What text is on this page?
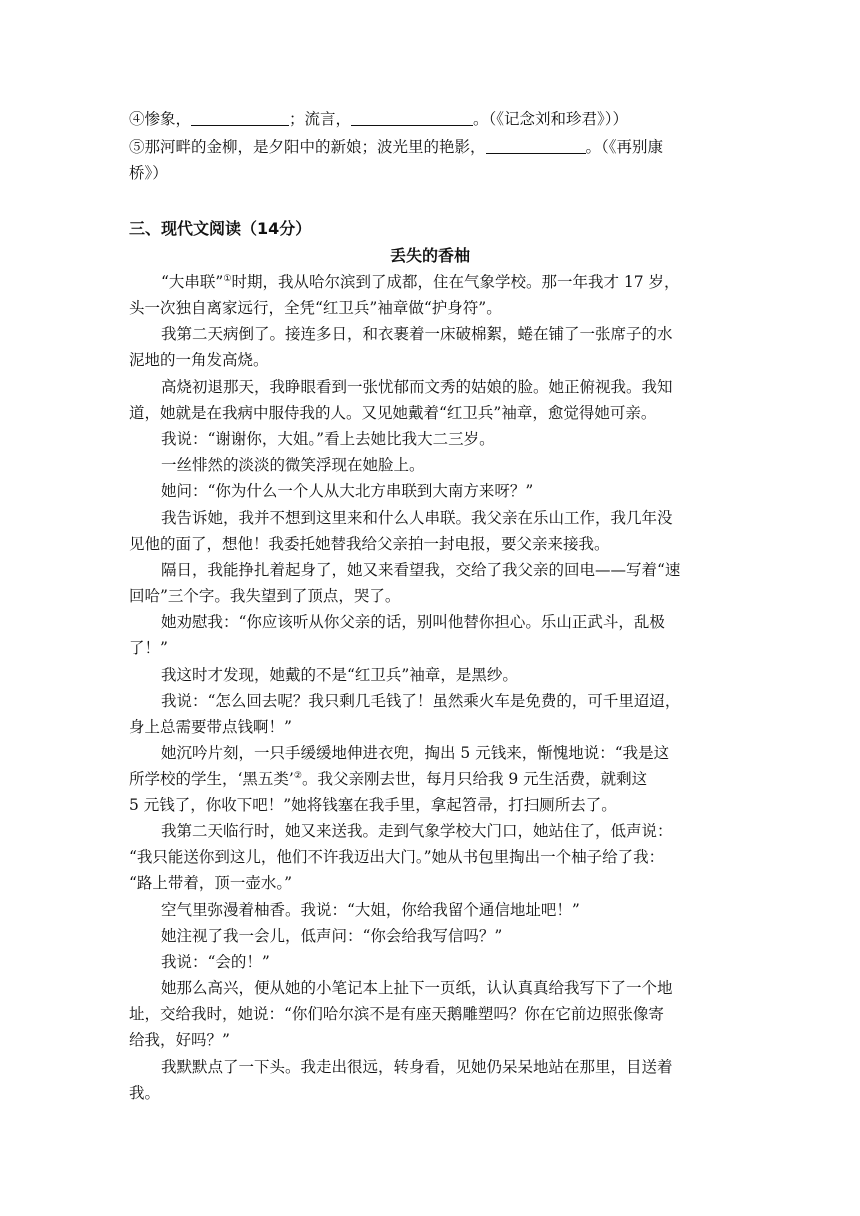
④惨象，	；流言，	。（《记念刘和珍君》））
⑤那河畔的金柳，是夕阳中的新娘；波光里的艳影，	。（《再别康
桥》）
三、现代文阅读（14分）
丢失的香柚
“大串联”①时期，我从哈尔滨到了成都，住在气象学校。那一年我才 17 岁，
头一次独自离家远行，全凭“红卫兵”袖章做“护身符”。
我第二天病倒了。接连多日，和衣裹着一床破棉絮，蜷在铺了一张席子的水
泥地的一角发高烧。
高烧初退那天，我睁眼看到一张忧郁而文秀的姑娘的脸。她正俯视我。我知
道，她就是在我病中服侍我的人。又见她戴着“红卫兵”袖章，愈觉得她可亲。
我说：“谢谢你，大姐。”看上去她比我大二三岁。
一丝悱然的淡淡的微笑浮现在她脸上。
她问：“你为什么一个人从大北方串联到大南方来呀？”
我告诉她，我并不想到这里来和什么人串联。我父亲在乐山工作，我几年没
见他的面了，想他！我委托她替我给父亲拍一封电报，要父亲来接我。
隔日，我能挣扎着起身了，她又来看望我，交给了我父亲的回电——写着“速
回哈”三个字。我失望到了顶点，哭了。
她劝慰我：“你应该听从你父亲的话，别叫他替你担心。乐山正武斗，乱极
了！”
我这时才发现，她戴的不是“红卫兵”袖章，是黑纱。
我说：“怎么回去呢？我只剩几毛钱了！虽然乘火车是免费的，可千里迢迢，
身上总需要带点钱啊！”
她沉吟片刻，一只手缓缓地伸进衣兜，掏出 5 元钱来，惭愧地说：“我是这
所学校的学生，‘黑五类’②。我父亲刚去世，每月只给我 9 元生活费，就剩这
5 元钱了，你收下吧！”她将钱塞在我手里，拿起笤帚，打扫厕所去了。
我第二天临行时，她又来送我。走到气象学校大门口，她站住了，低声说：
“我只能送你到这儿，他们不许我迈出大门。”她从书包里掏出一个柚子给了我：
“路上带着，顶一壶水。”
空气里弥漫着柚香。我说：“大姐，你给我留个通信地址吧！”
她注视了我一会儿，低声问：“你会给我写信吗？”
我说：“会的！”
她那么高兴，便从她的小笔记本上扯下一页纸，认认真真给我写下了一个地
址，交给我时，她说：“你们哈尔滨不是有座天鹅雕塑吗？你在它前边照张像寄
给我，好吗？”
我默默点了一下头。我走出很远，转身看，见她仍呆呆地站在那里，目送着
我。
